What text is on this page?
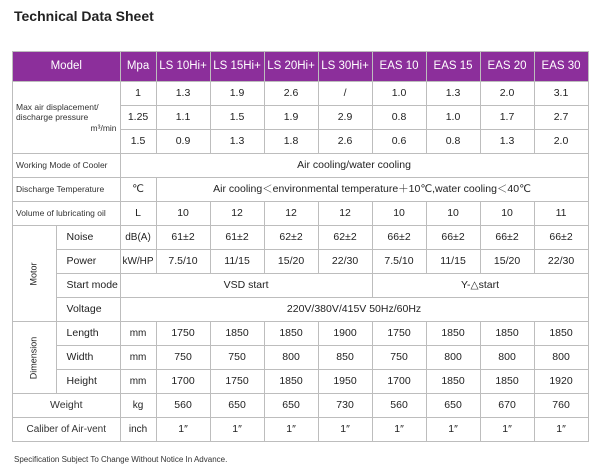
Technical Data Sheet
Model		Mpa	LS 10Hi+	LS 15Hi+	LS 20Hi+	LS 30Hi+	EAS 10	EAS 15	EAS 20	EAS 30

Max air displacement/
discharge pressure
m³/min		1	1.3	1.9	2.6	/	1.0	1.3	2.0	3.1
		1.25	1.1	1.5	1.9	2.9	0.8	1.0	1.7	2.7
		1.5	0.9	1.3	1.8	2.6	0.6	0.8	1.3	2.0
Working Mode of Cooler		Air cooling/water cooling								
Discharge Temperature		℃	Air cooling＜environmental temperature＋10℃,water cooling＜40℃							
Volume of lubricating oil		L	10	12	12	12	10	10	10	11
Motor	Noise	dB(A)	61±2	61±2	62±2	62±2	66±2	66±2	66±2	66±2
	Power	kW/HP	7.5/10	11/15	15/20	22/30	7.5/10	11/15	15/20	22/30
	Start mode	VSD start					Y-△start			
	Voltage	220V/380V/415V 50Hz/60Hz								
Dimension	Length	mm	1750	1850	1850	1900	1750	1850	1850	1850
	Width	mm	750	750	800	850	750	800	800	800
	Height	mm	1700	1750	1850	1950	1700	1850	1850	1920
Weight		kg	560	650	650	730	560	650	670	760
Caliber of Air-vent		inch	1″	1″	1″	1″	1″	1″	1″	1″
Specification Subject To Change Without Notice In Advance.
